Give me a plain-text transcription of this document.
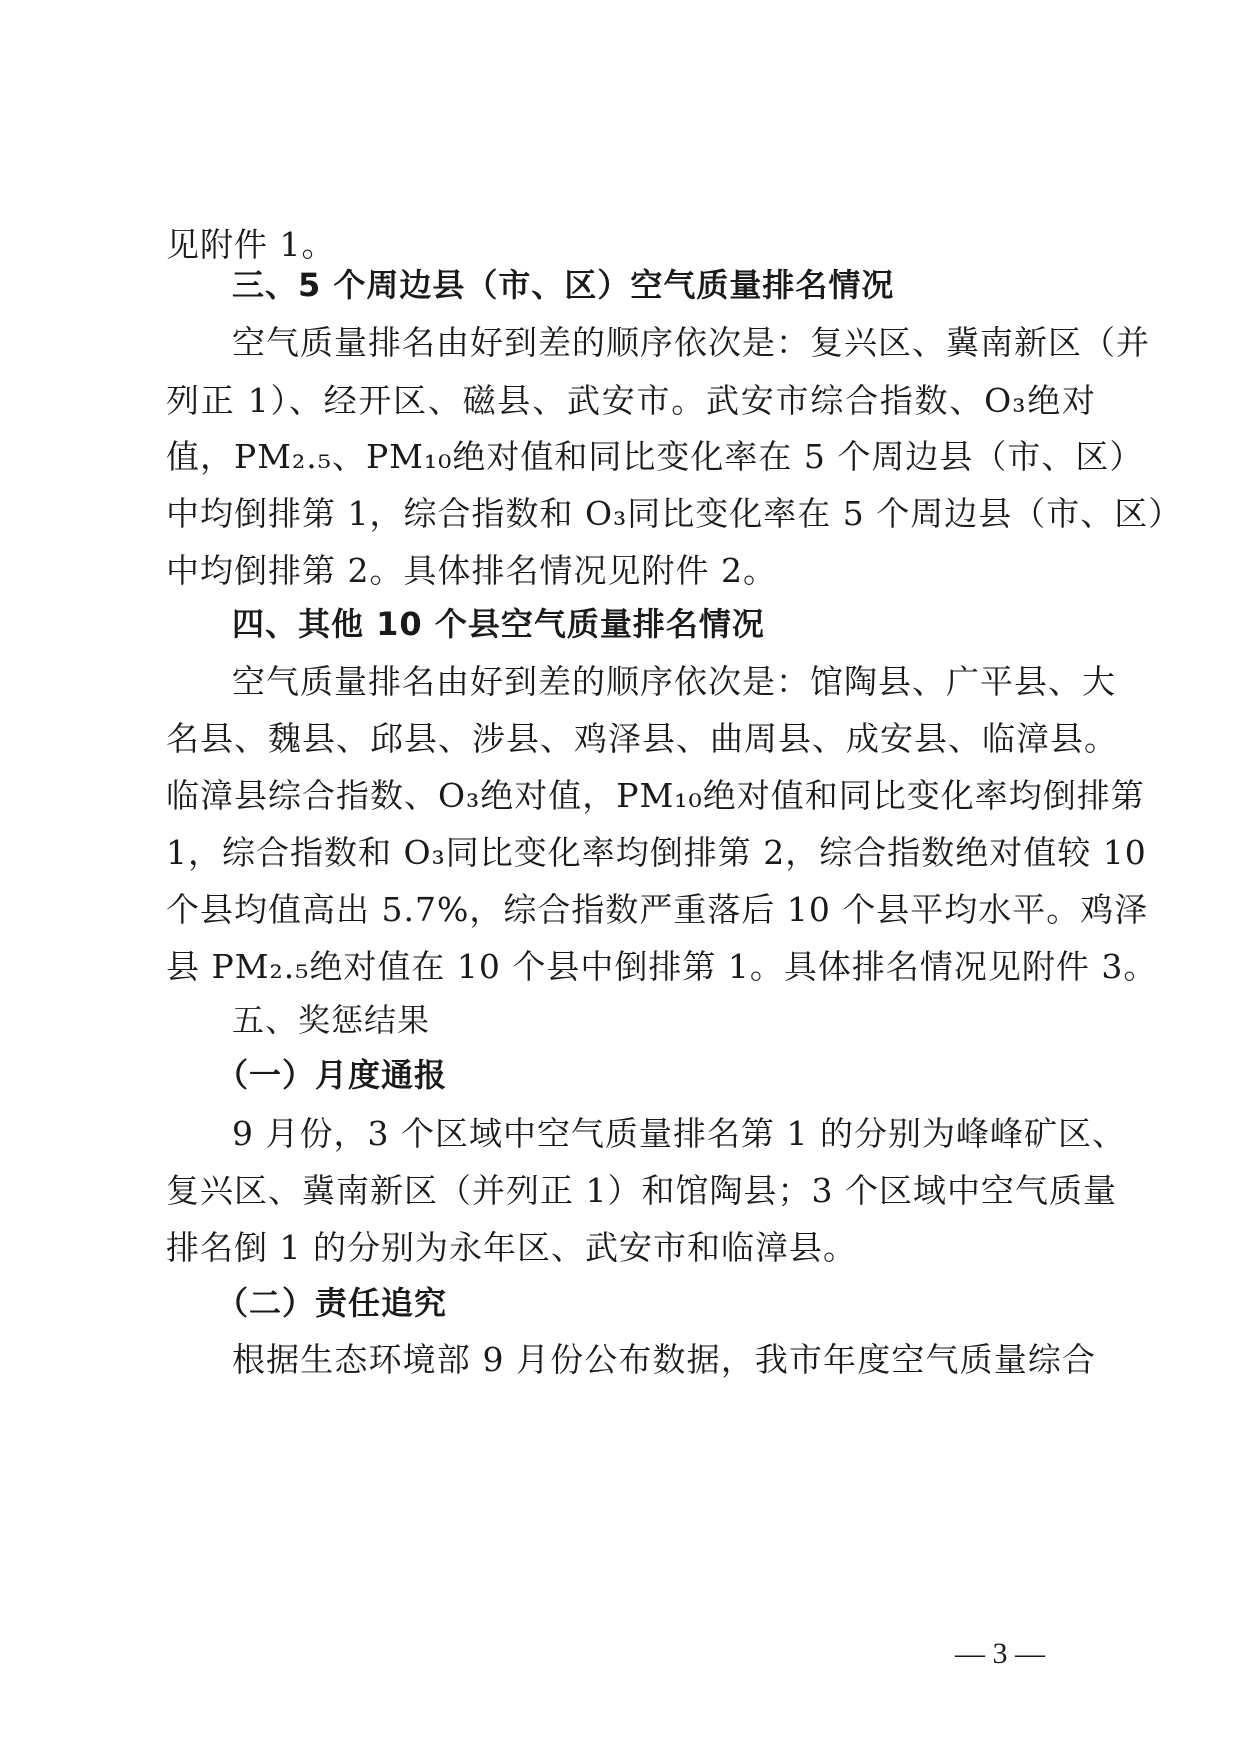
见附件 1。
三、5 个周边县（市、区）空气质量排名情况
空气质量排名由好到差的顺序依次是：复兴区、冀南新区（并
列正 1）、经开区、磁县、武安市。武安市综合指数、O₃绝对
值，PM₂.₅、PM₁₀绝对值和同比变化率在 5 个周边县（市、区）
中均倒排第 1，综合指数和 O₃同比变化率在 5 个周边县（市、区）
中均倒排第 2。具体排名情况见附件 2。
四、其他 10 个县空气质量排名情况
空气质量排名由好到差的顺序依次是：馆陶县、广平县、大
名县、魏县、邱县、涉县、鸡泽县、曲周县、成安县、临漳县。
临漳县综合指数、O₃绝对值，PM₁₀绝对值和同比变化率均倒排第
1，综合指数和 O₃同比变化率均倒排第 2，综合指数绝对值较 10
个县均值高出 5.7%，综合指数严重落后 10 个县平均水平。鸡泽
县 PM₂.₅绝对值在 10 个县中倒排第 1。具体排名情况见附件 3。
五、奖惩结果
（一）月度通报
9 月份，3 个区域中空气质量排名第 1 的分别为峰峰矿区、
复兴区、冀南新区（并列正 1）和馆陶县；3 个区域中空气质量
排名倒 1 的分别为永年区、武安市和临漳县。
（二）责任追究
根据生态环境部 9 月份公布数据，我市年度空气质量综合
— 3 —
